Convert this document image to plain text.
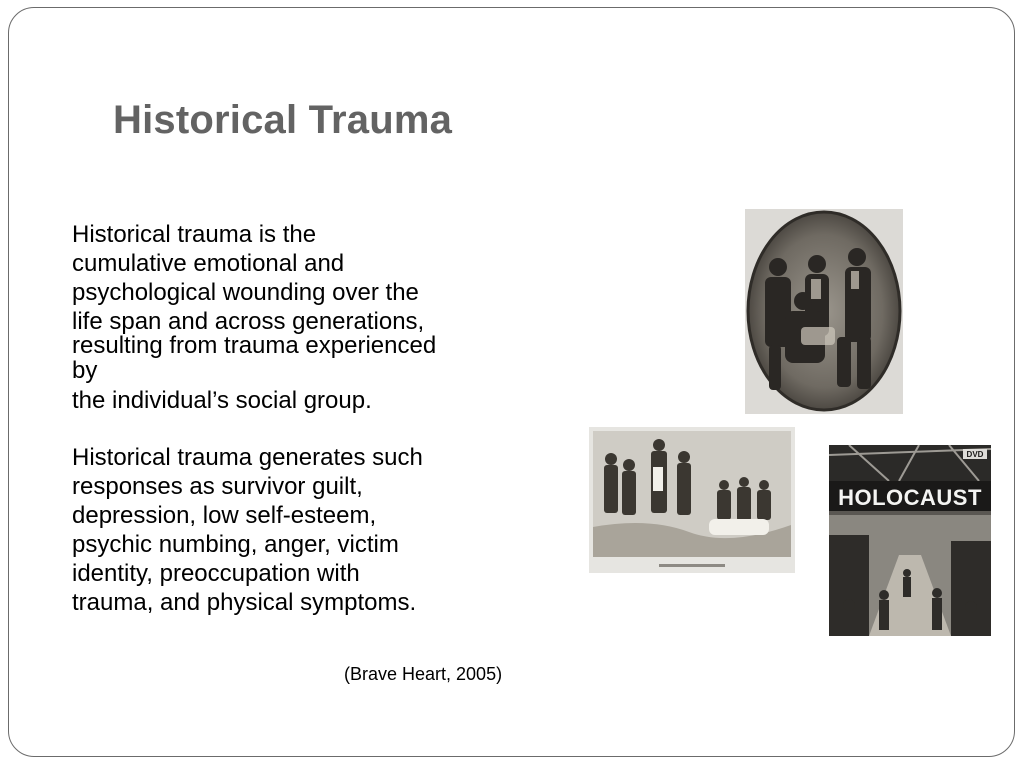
Historical Trauma
Historical trauma is the
cumulative emotional and
psychological wounding over the
life span and across generations,
resulting from trauma experienced
by
the individual’s social group.
Historical trauma generates such
responses as survivor guilt,
depression, low self-esteem,
psychic numbing, anger, victim
identity, preoccupation with
trauma, and physical symptoms.
(Brave Heart, 2005)
HOLOCAUST
DVD
